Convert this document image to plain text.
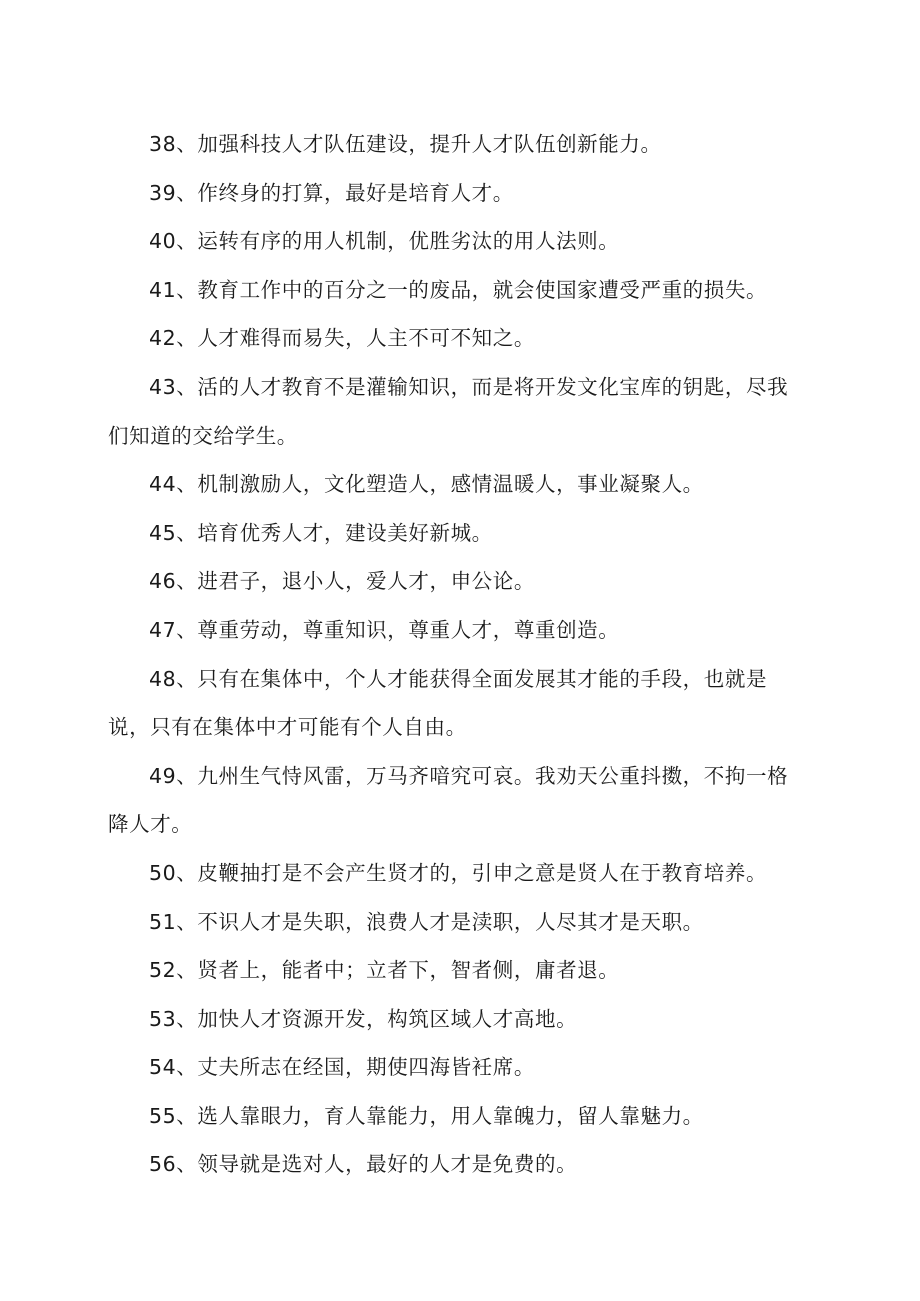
38、加强科技人才队伍建设，提升人才队伍创新能力。

39、作终身的打算，最好是培育人才。

40、运转有序的用人机制，优胜劣汰的用人法则。

41、教育工作中的百分之一的废品，就会使国家遭受严重的损失。

42、人才难得而易失，人主不可不知之。

43、活的人才教育不是灌输知识，而是将开发文化宝库的钥匙，尽我们知道的交给学生。

44、机制激励人，文化塑造人，感情温暖人，事业凝聚人。

45、培育优秀人才，建设美好新城。

46、进君子，退小人，爱人才，申公论。

47、尊重劳动，尊重知识，尊重人才，尊重创造。

48、只有在集体中，个人才能获得全面发展其才能的手段，也就是说，只有在集体中才可能有个人自由。

49、九州生气恃风雷，万马齐喑究可哀。我劝天公重抖擞，不拘一格降人才。

50、皮鞭抽打是不会产生贤才的，引申之意是贤人在于教育培养。

51、不识人才是失职，浪费人才是渎职，人尽其才是天职。

52、贤者上，能者中；立者下，智者侧，庸者退。

53、加快人才资源开发，构筑区域人才高地。

54、丈夫所志在经国，期使四海皆衽席。

55、选人靠眼力，育人靠能力，用人靠魄力，留人靠魅力。

56、领导就是选对人，最好的人才是免费的。
